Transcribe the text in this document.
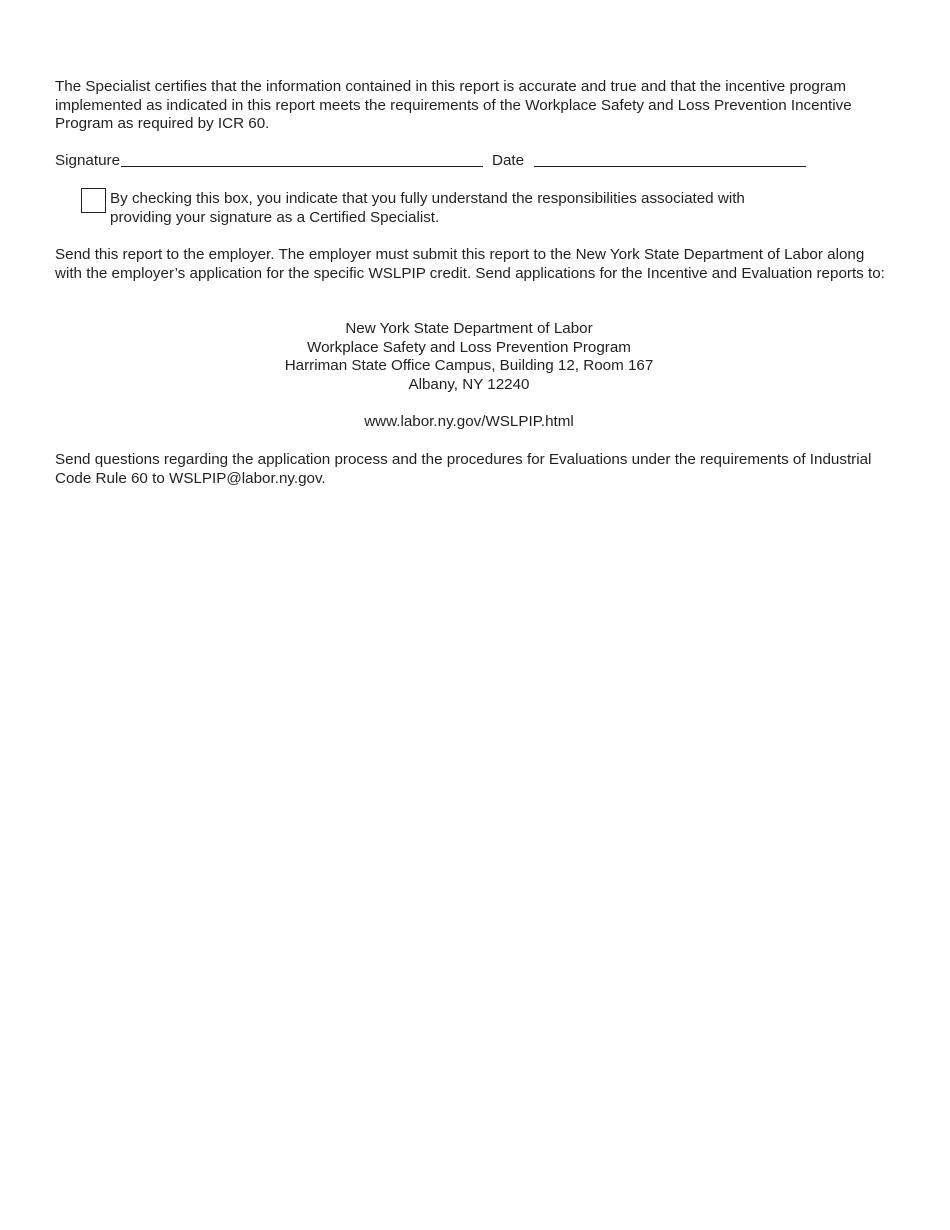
The Specialist certifies that the information contained in this report is accurate and true and that the incentive program implemented as indicated in this report meets the requirements of the Workplace Safety and Loss Prevention Incentive Program as required by ICR 60.

Signature	Date
By checking this box, you indicate that you fully understand the responsibilities associated with providing your signature as a Certified Specialist.

Send this report to the employer. The employer must submit this report to the New York State Department of Labor along with the employer’s application for the specific WSLPIP credit. Send applications for the Incentive and Evaluation reports to:

New York State Department of Labor
Workplace Safety and Loss Prevention Program
Harriman State Office Campus, Building 12, Room 167
Albany, NY 12240
www.labor.ny.gov/WSLPIP.html

Send questions regarding the application process and the procedures for Evaluations under the requirements of Industrial Code Rule 60 to WSLPIP@labor.ny.gov.
